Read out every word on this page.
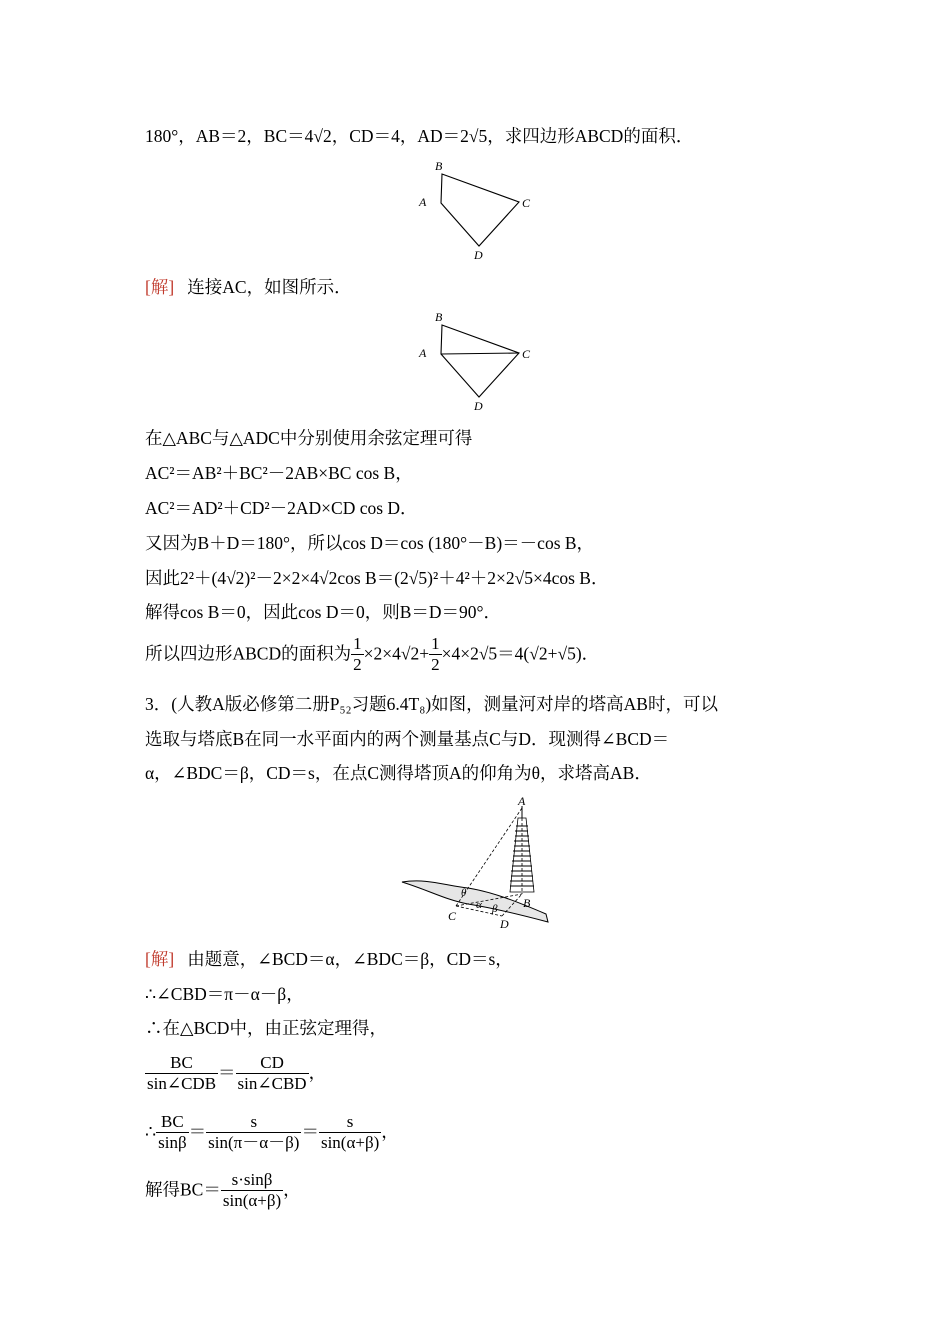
180°，AB＝2，BC＝4√2，CD＝4，AD＝2√5，求四边形ABCD的面积．
B
A	C
D
[解] 连接AC，如图所示．
B
A	C
D
在△ABC与△ADC中分别使用余弦定理可得
AC²＝AB²＋BC²－2AB×BC cos B，
AC²＝AD²＋CD²－2AD×CD cos D．
又因为B＋D＝180°，所以cos D＝cos (180°－B)＝－cos B，
因此2²＋(4√2)²－2×2×4√2cos B＝(2√5)²＋4²＋2×2√5×4cos B．
解得cos B＝0，因此cos D＝0，则B＝D＝90°．
所以四边形ABCD的面积为 $\frac{1}{2} \times 2\times 4√2+ \frac{1}{2} \times 4\times 2√5=4(√2+√5)$．
3．(人教A版必修第二册P₅₂习题6.4T₈)如图，测量河对岸的塔高AB时，可以
选取与塔底B在同一水平面内的两个测量基点C与D．现测得∠BCD＝
α，∠BDC＝β，CD＝s，在点C测得塔顶A的仰角为θ，求塔高AB．
A
B
C
D
θ
α β
[解] 由题意，∠BCD＝α，∠BDC＝β，CD＝s，
∴∠CBD＝π－α－β，
∴在△BCD中，由正弦定理得，
$\frac{BC}{\text{sin∠CDB}} = \frac{CD}{\text{sin∠CBD}}$ ，
∴ $\frac{BC}{\sin\beta} = \frac{s}{\sin(\pi-\alpha-\beta)} = \frac{s}{\sin(\alpha+\beta)}$ ，
解得$BC= \frac{s\cdot\sin\beta}{\sin(\alpha+\beta)}$ ，
